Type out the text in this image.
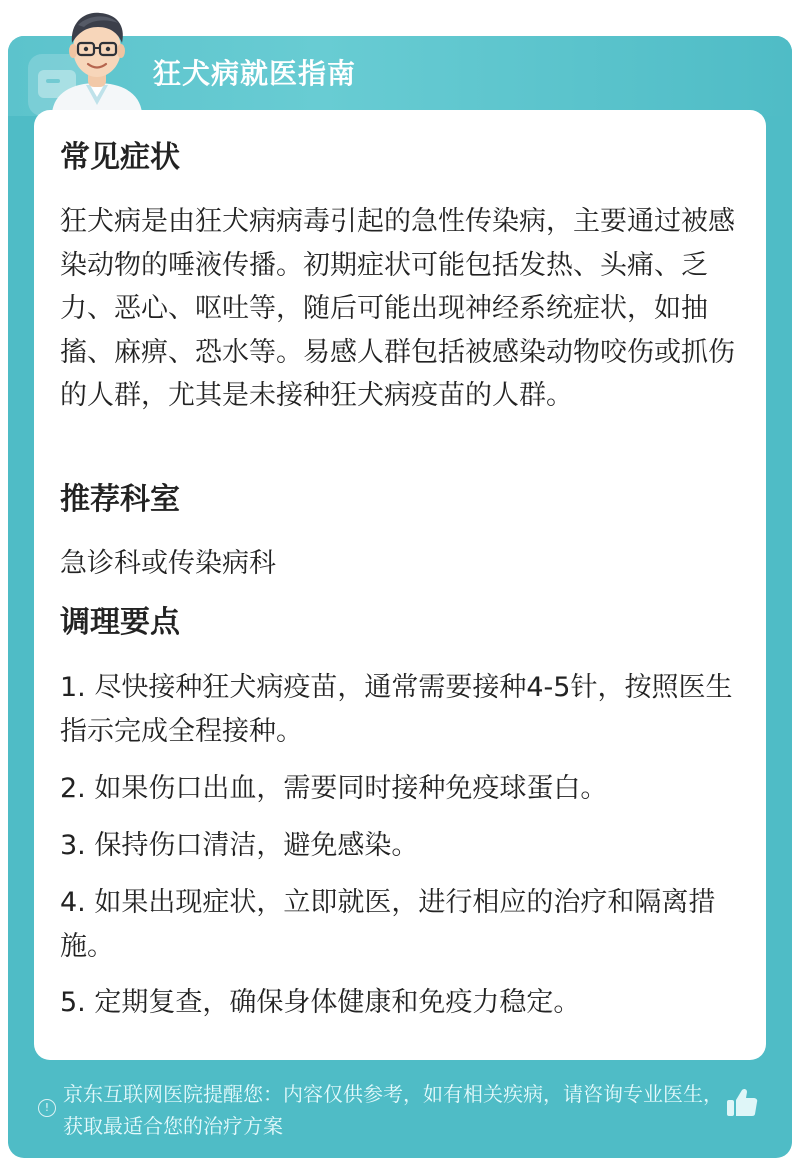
狂犬病就医指南
常见症状
狂犬病是由狂犬病病毒引起的急性传染病，主要通过被感染动物的唾液传播。初期症状可能包括发热、头痛、乏力、恶心、呕吐等，随后可能出现神经系统症状，如抽搐、麻痹、恐水等。易感人群包括被感染动物咬伤或抓伤的人群，尤其是未接种狂犬病疫苗的人群。
推荐科室
急诊科或传染病科
调理要点
1. 尽快接种狂犬病疫苗，通常需要接种4-5针，按照医生指示完成全程接种。
2. 如果伤口出血，需要同时接种免疫球蛋白。
3. 保持伤口清洁，避免感染。
4. 如果出现症状，立即就医，进行相应的治疗和隔离措施。
5. 定期复查，确保身体健康和免疫力稳定。
!
京东互联网医院提醒您：内容仅供参考，如有相关疾病，请咨询专业医生，获取最适合您的治疗方案
